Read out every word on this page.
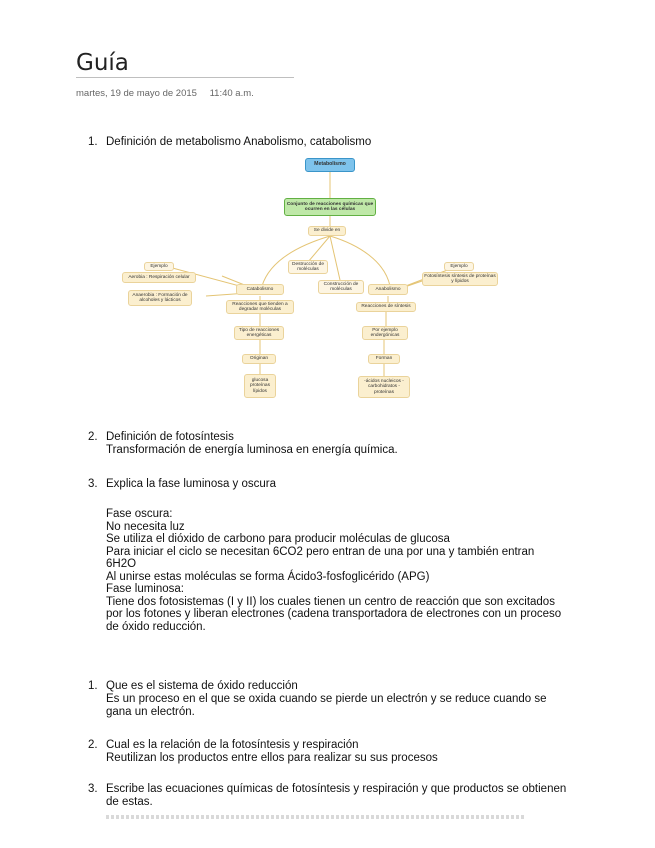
Guía
martes, 19 de mayo de 2015 11:40 a.m.
1. Definición de metabolismo Anabolismo, catabolismo
Metabolismo
Conjunto de reacciones químicas que ocurren en las células
Se divide en
Destrucción de moléculas
Catabolismo
Ejemplo
Aerobia : Respiración celular
Anaerobia : Formación de alcoholes y lácticos
Reacciones que tienden a degradar moléculas
Tipo de reacciones energéticas
Originan
glucosa proteínas lípidos
Construcción de moléculas	Anabolismo
Ejemplo
Fotosíntesis síntesis de proteínas y lípidos
Reacciones de síntesis
Por ejemplo endergónicas
Forman
-ácidos nucleicos -carbohidratos -proteínas
2. Definición de fotosíntesis
Transformación de energía luminosa en energía química.
3. Explica la fase luminosa y oscura
Fase oscura:
No necesita luz
Se utiliza el dióxido de carbono para producir moléculas de glucosa
Para iniciar el ciclo se necesitan 6CO2 pero entran de una por una y también entran
6H2O
Al unirse estas moléculas se forma Ácido3-fosfoglicérido (APG)
Fase luminosa:
Tiene dos fotosistemas (I y II) los cuales tienen un centro de reacción que son excitados
por los fotones y liberan electrones (cadena transportadora de electrones con un proceso
de óxido reducción.
1. Que es el sistema de óxido reducción
Es un proceso en el que se oxida cuando se pierde un electrón y se reduce cuando se
gana un electrón.
2. Cual es la relación de la fotosíntesis y respiración
Reutilizan los productos entre ellos para realizar su sus procesos
3. Escribe las ecuaciones químicas de fotosíntesis y respiración y que productos se obtienen
de estas.
